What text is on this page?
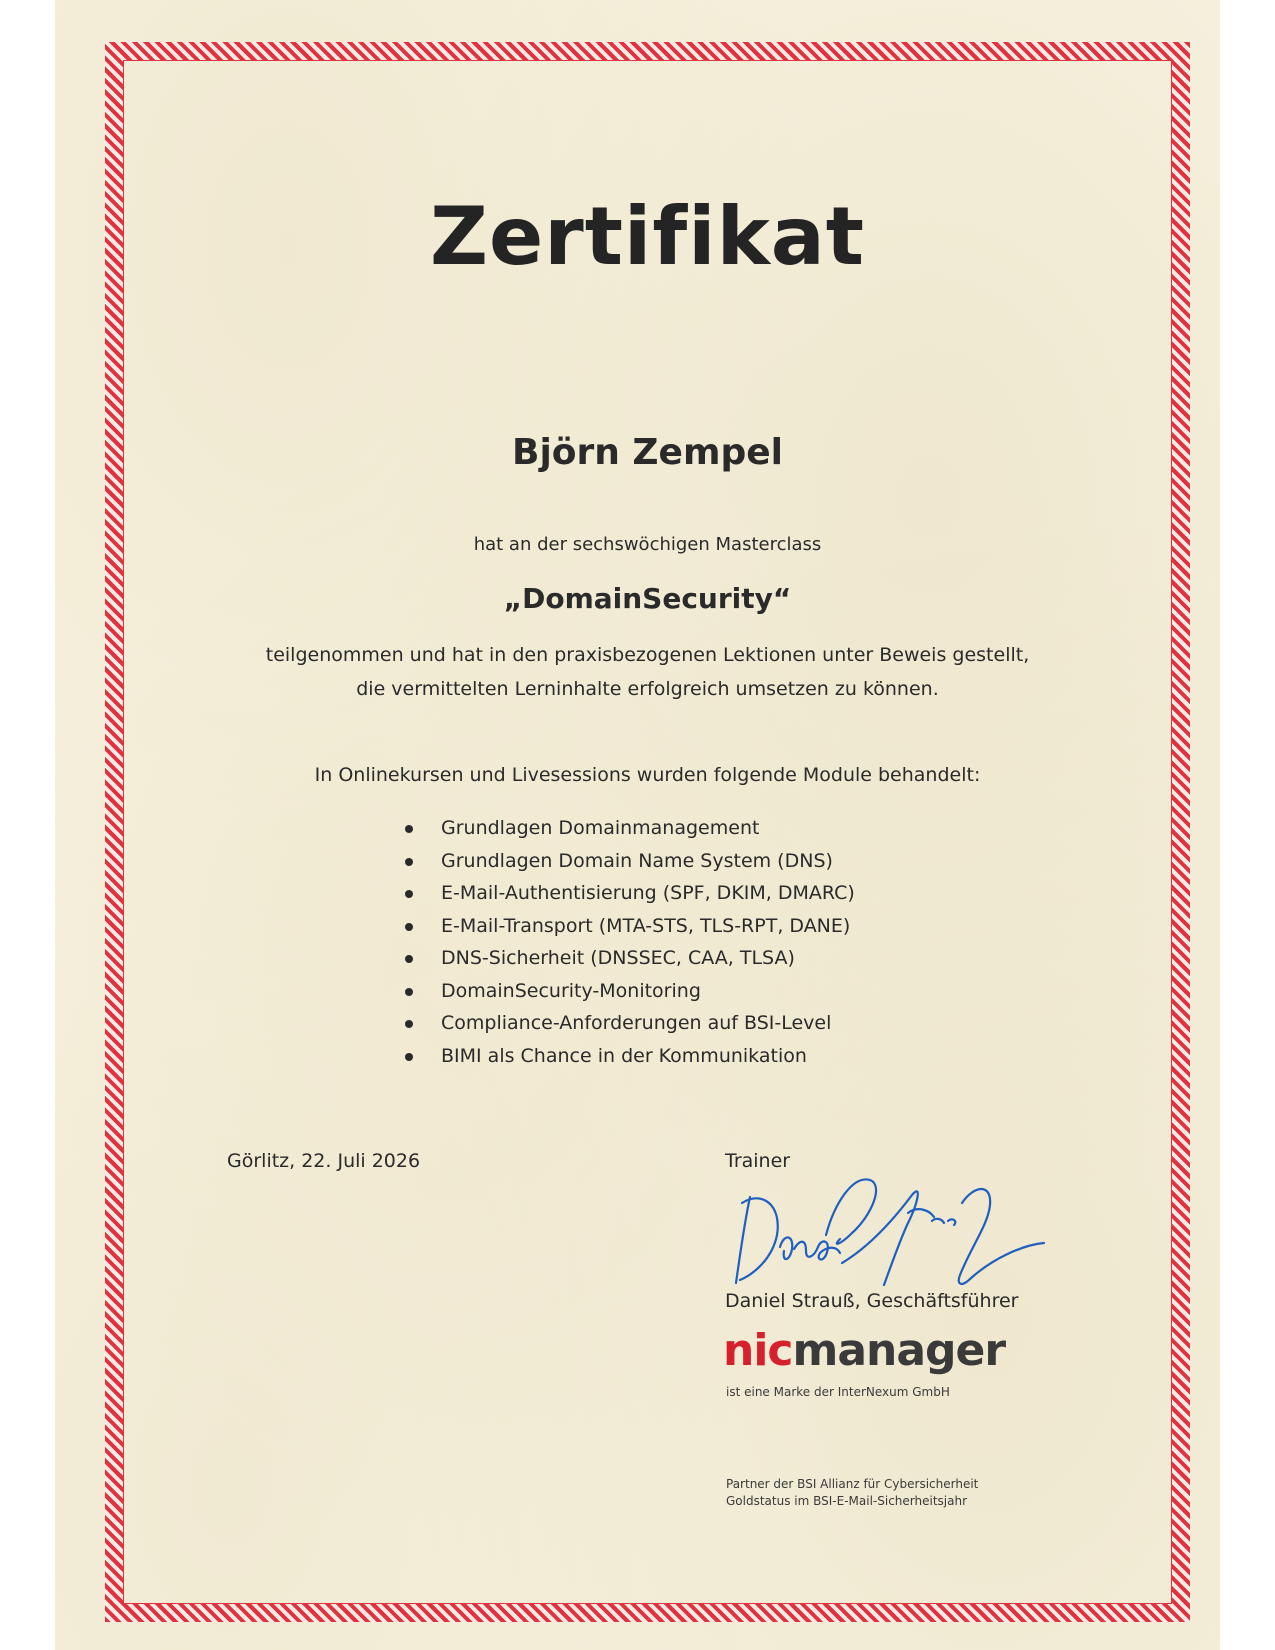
Zertifikat

Björn Zempel

hat an der sechswöchigen Masterclass

„DomainSecurity“

teilgenommen und hat in den praxisbezogenen Lektionen unter Beweis gestellt,
die vermittelten Lerninhalte erfolgreich umsetzen zu können.

In Onlinekursen und Livesessions wurden folgende Module behandelt:

Grundlagen Domainmanagement
Grundlagen Domain Name System (DNS)
E-Mail-Authentisierung (SPF, DKIM, DMARC)
E-Mail-Transport (MTA-STS, TLS-RPT, DANE)
DNS-Sicherheit (DNSSEC, CAA, TLSA)
DomainSecurity-Monitoring
Compliance-Anforderungen auf BSI-Level
BIMI als Chance in der Kommunikation

Görlitz, 22. Juli 2026	Trainer

Daniel Strauß, Geschäftsführer

nicmanager

ist eine Marke der InterNexum GmbH

Partner der BSI Allianz für Cybersicherheit
Goldstatus im BSI-E-Mail-Sicherheitsjahr
